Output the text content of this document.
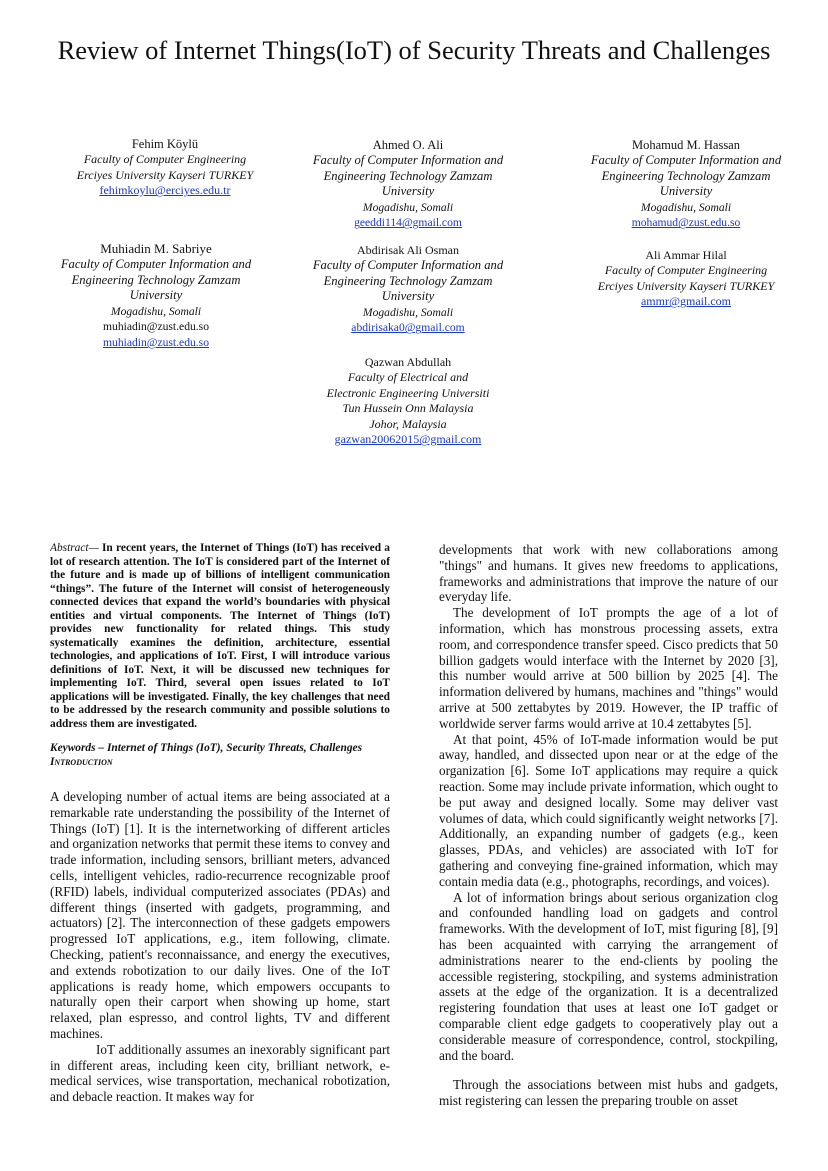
Review of Internet Things(IoT) of Security Threats and Challenges
Fehim Köylü
Faculty of Computer Engineering
Erciyes University Kayseri TURKEY
fehimkoylu@erciyes.edu.tr
Ahmed O. Ali
Faculty of Computer Information and Engineering Technology Zamzam University
Mogadishu, Somali
geeddi114@gmail.com
Mohamud M. Hassan
Faculty of Computer Information and Engineering Technology Zamzam University
Mogadishu, Somali
mohamud@zust.edu.so
Muhiadin M. Sabriye
Faculty of Computer Information and Engineering Technology Zamzam University
Mogadishu, Somali
muhiadin@zust.edu.so
muhiadin@zust.edu.so
Abdirisak Ali Osman
Faculty of Computer Information and Engineering Technology Zamzam University
Mogadishu, Somali
abdirisaka0@gmail.com
Ali Ammar Hilal
Faculty of Computer Engineering
Erciyes University Kayseri TURKEY
ammr@gmail.com
Qazwan Abdullah
Faculty of Electrical and Electronic Engineering Universiti Tun Hussein Onn Malaysia
Johor, Malaysia
gazwan20062015@gmail.com

Abstract— In recent years, the Internet of Things (IoT) has received a lot of research attention. The IoT is considered part of the Internet of the future and is made up of billions of intelligent communication “things”. The future of the Internet will consist of heterogeneously connected devices that expand the world’s boundaries with physical entities and virtual components. The Internet of Things (IoT) provides new functionality for related things. This study systematically examines the definition, architecture, essential technologies, and applications of IoT. First, I will introduce various definitions of IoT. Next, it will be discussed new techniques for implementing IoT. Third, several open issues related to IoT applications will be investigated. Finally, the key challenges that need to be addressed by the research community and possible solutions to address them are investigated.

Keywords – Internet of Things (IoT), Security Threats, Challenges

Introduction

A developing number of actual items are being associated at a remarkable rate understanding the possibility of the Internet of Things (IoT) [1]. It is the internetworking of different articles and organization networks that permit these items to convey and trade information, including sensors, brilliant meters, advanced cells, intelligent vehicles, radio-recurrence recognizable proof (RFID) labels, individual computerized associates (PDAs) and different things (inserted with gadgets, programming, and actuators) [2]. The interconnection of these gadgets empowers progressed IoT applications, e.g., item following, climate. Checking, patient's reconnaissance, and energy the executives, and extends robotization to our daily lives. One of the IoT applications is ready home, which empowers occupants to naturally open their carport when showing up home, start relaxed, plan espresso, and control lights, TV and different machines.

IoT additionally assumes an inexorably significant part in different areas, including keen city, brilliant network, e-medical services, wise transportation, mechanical robotization, and debacle reaction. It makes way for

developments that work with new collaborations among "things" and humans. It gives new freedoms to applications, frameworks and administrations that improve the nature of our everyday life.

The development of IoT prompts the age of a lot of information, which has monstrous processing assets, extra room, and correspondence transfer speed. Cisco predicts that 50 billion gadgets would interface with the Internet by 2020 [3], this number would arrive at 500 billion by 2025 [4]. The information delivered by humans, machines and "things" would arrive at 500 zettabytes by 2019. However, the IP traffic of worldwide server farms would arrive at 10.4 zettabytes [5].

At that point, 45% of IoT-made information would be put away, handled, and dissected upon near or at the edge of the organization [6]. Some IoT applications may require a quick reaction. Some may include private information, which ought to be put away and designed locally. Some may deliver vast volumes of data, which could significantly weight networks [7]. Additionally, an expanding number of gadgets (e.g., keen glasses, PDAs, and vehicles) are associated with IoT for gathering and conveying fine-grained information, which may contain media data (e.g., photographs, recordings, and voices).

A lot of information brings about serious organization clog and confounded handling load on gadgets and control frameworks. With the development of IoT, mist figuring [8], [9] has been acquainted with carrying the arrangement of administrations nearer to the end-clients by pooling the accessible registering, stockpiling, and systems administration assets at the edge of the organization. It is a decentralized registering foundation that uses at least one IoT gadget or comparable client edge gadgets to cooperatively play out a considerable measure of correspondence, control, stockpiling, and the board.

Through the associations between mist hubs and gadgets, mist registering can lessen the preparing trouble on asset
